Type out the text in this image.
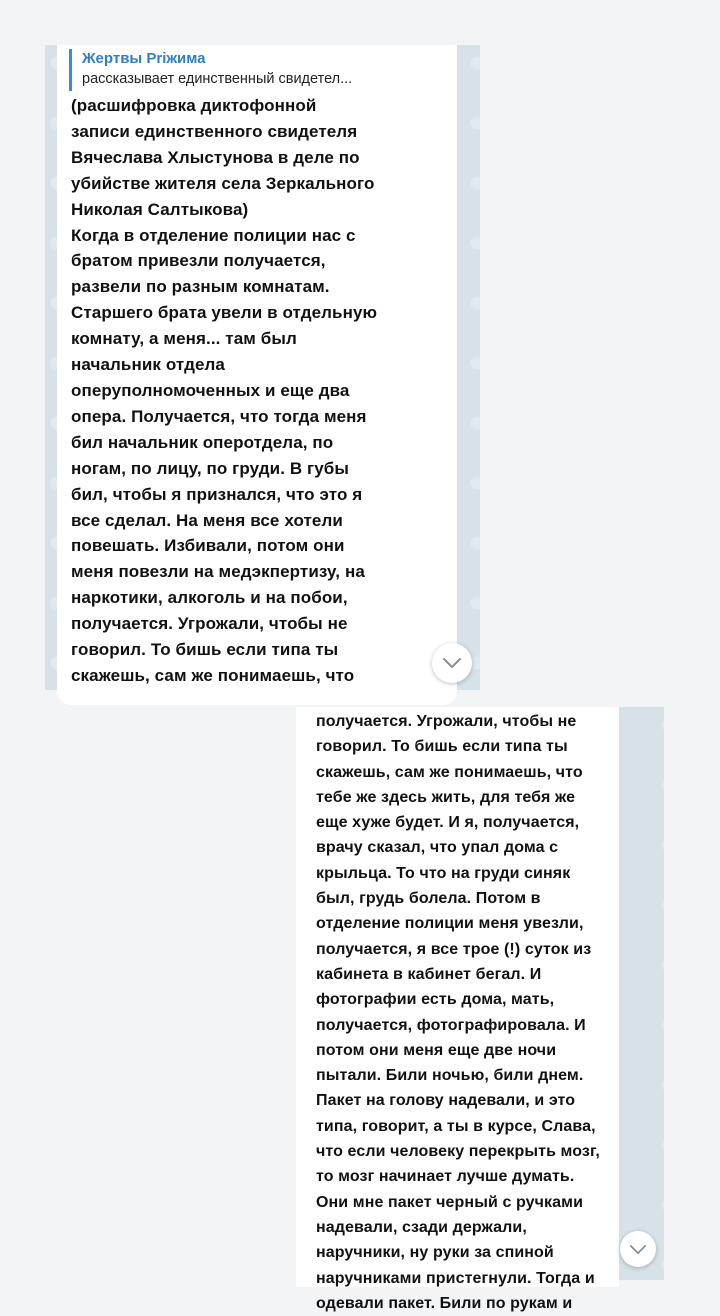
Жертвы Prіжима
рассказывает единственный свидетел...

(расшифровка диктофонной
записи единственного свидетеля
Вячеслава Хлыстунова в деле по
убийстве жителя села Зеркального
Николая Салтыкова)
Когда в отделение полиции нас с
братом привезли получается,
развели по разным комнатам.
Старшего брата увели в отдельную
комнату, а меня... там был
начальник отдела
оперуполномоченных и еще два
опера. Получается, что тогда меня
бил начальник оперотдела, по
ногам, по лицу, по груди. В губы
бил, чтобы я признался, что это я
все сделал. На меня все хотели
повешать. Избивали, потом они
меня повезли на медэкпертизу, на
наркотики, алкоголь и на побои,
получается. Угрожали, чтобы не
говорил. То бишь если типа ты
скажешь, сам же понимаешь, что

получается. Угрожали, чтобы не
говорил. То бишь если типа ты
скажешь, сам же понимаешь, что
тебе же здесь жить, для тебя же
еще хуже будет. И я, получается,
врачу сказал, что упал дома с
крыльца. То что на груди синяк
был, грудь болела. Потом в
отделение полиции меня увезли,
получается, я все трое (!) суток из
кабинета в кабинет бегал. И
фотографии есть дома, мать,
получается, фотографировала. И
потом они меня еще две ночи
пытали. Били ночью, били днем.
Пакет на голову надевали, и это
типа, говорит, а ты в курсе, Слава,
что если человеку перекрыть мозг,
то мозг начинает лучше думать.
Они мне пакет черный с ручками
надевали, сзади держали,
наручники, ну руки за спиной
наручниками пристегнули. Тогда и
одевали пакет. Били по рукам и
